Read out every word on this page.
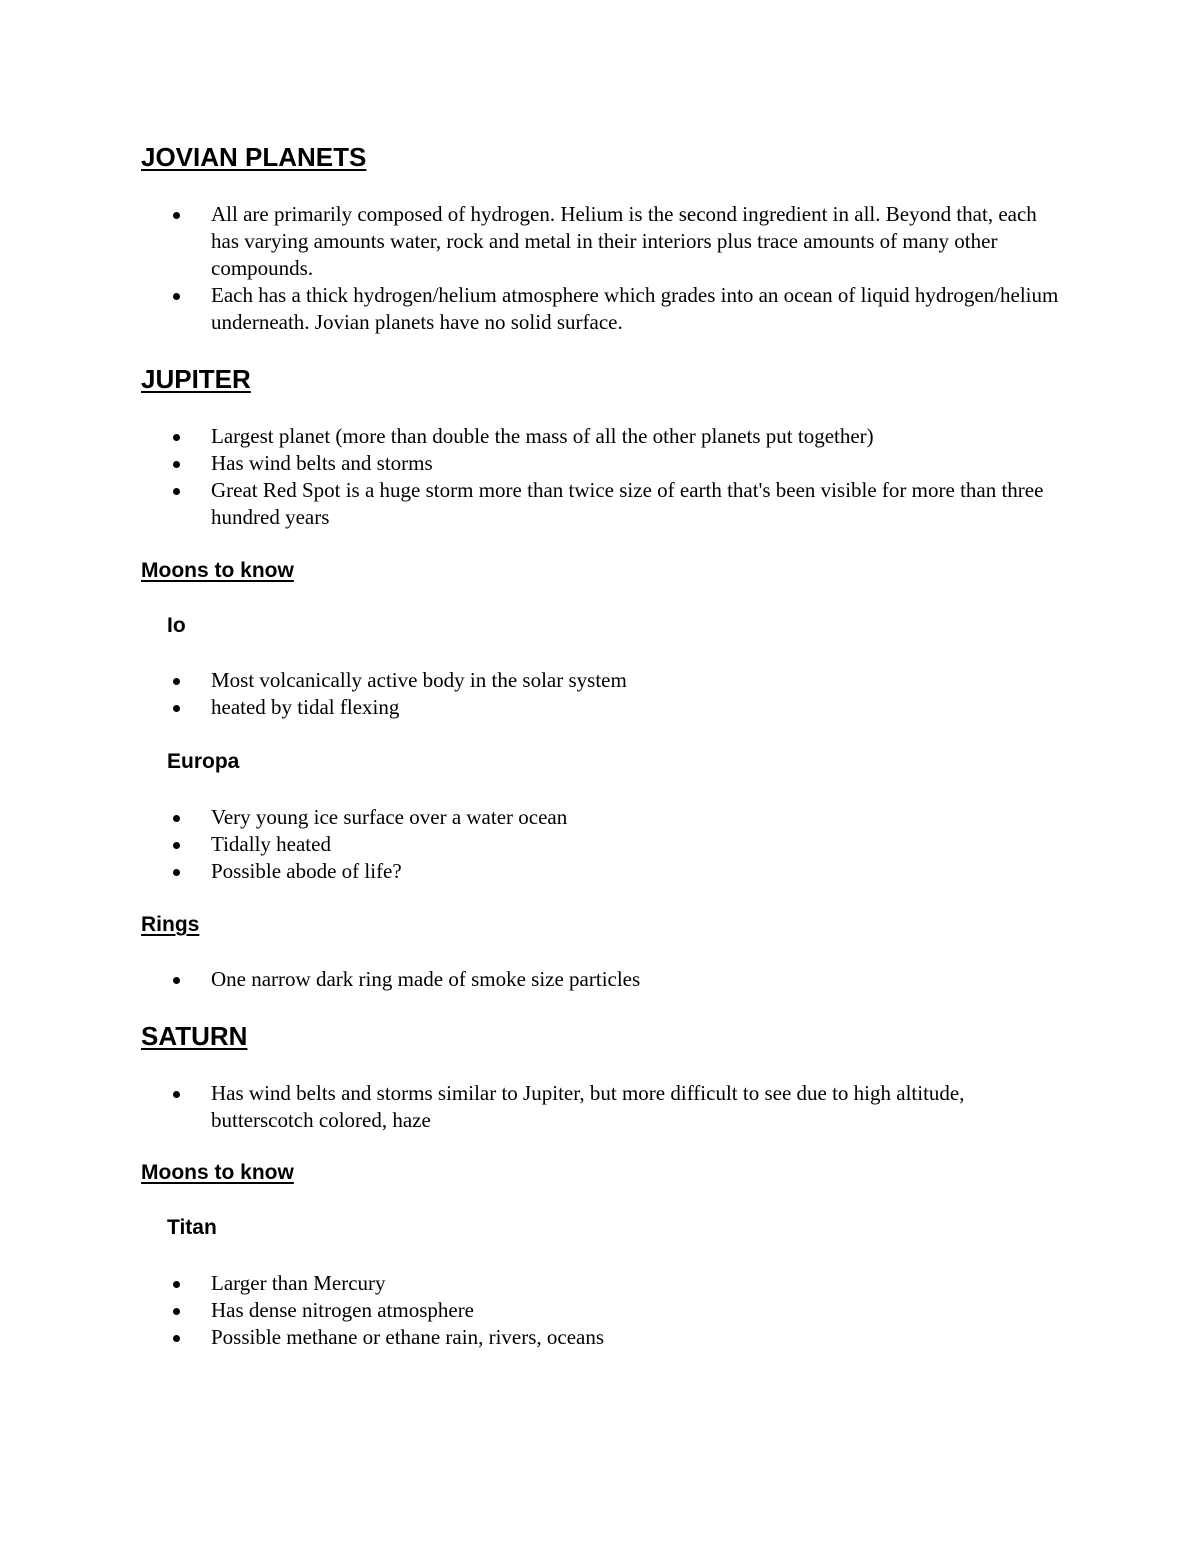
JOVIAN PLANETS
All are primarily composed of hydrogen. Helium is the second ingredient in all. Beyond that, each has varying amounts water, rock and metal in their interiors plus trace amounts of many other compounds.
Each has a thick hydrogen/helium atmosphere which grades into an ocean of liquid hydrogen/helium underneath. Jovian planets have no solid surface.
JUPITER
Largest planet (more than double the mass of all the other planets put together)
Has wind belts and storms
Great Red Spot is a huge storm more than twice size of earth that's been visible for more than three hundred years
Moons to know
Io
Most volcanically active body in the solar system
heated by tidal flexing
Europa
Very young ice surface over a water ocean
Tidally heated
Possible abode of life?
Rings
One narrow dark ring made of smoke size particles
SATURN
Has wind belts and storms similar to Jupiter, but more difficult to see due to high altitude, butterscotch colored, haze
Moons to know
Titan
Larger than Mercury
Has dense nitrogen atmosphere
Possible methane or ethane rain, rivers, oceans
